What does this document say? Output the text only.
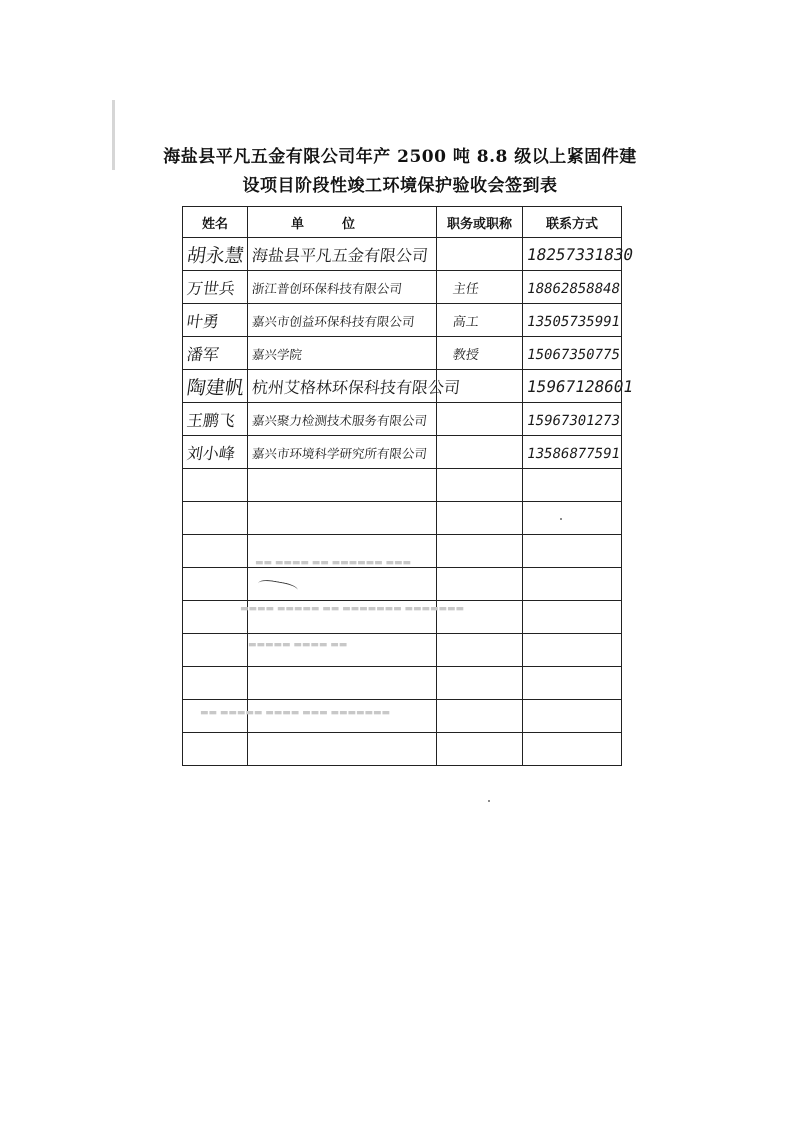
海盐县平凡五金有限公司年产 2500 吨 8.8 级以上紧固件建
设项目阶段性竣工环境保护验收会签到表
姓名	单位	职务或职称	联系方式
胡永慧	海盐县平凡五金有限公司		18257331830
万世兵	浙江普创环保科技有限公司	主任	18862858848
叶勇	嘉兴市创益环保科技有限公司	高工	13505735991
潘军	嘉兴学院	教授	15067350775
陶建帆	杭州艾格林环保科技有限公司		15967128601
王鹏飞	嘉兴聚力检测技术服务有限公司		15967301273
刘小峰	嘉兴市环境科学研究所有限公司		13586877591

▬▬ ▬▬▬▬ ▬▬ ▬▬▬▬▬▬ ▬▬▬
▬▬▬▬ ▬▬▬▬▬ ▬▬ ▬▬▬▬▬▬▬ ▬▬▬▬▬▬▬
▬▬▬▬▬ ▬▬▬▬ ▬▬
▬▬ ▬▬▬▬▬ ▬▬▬▬ ▬▬▬ ▬▬▬▬▬▬▬
